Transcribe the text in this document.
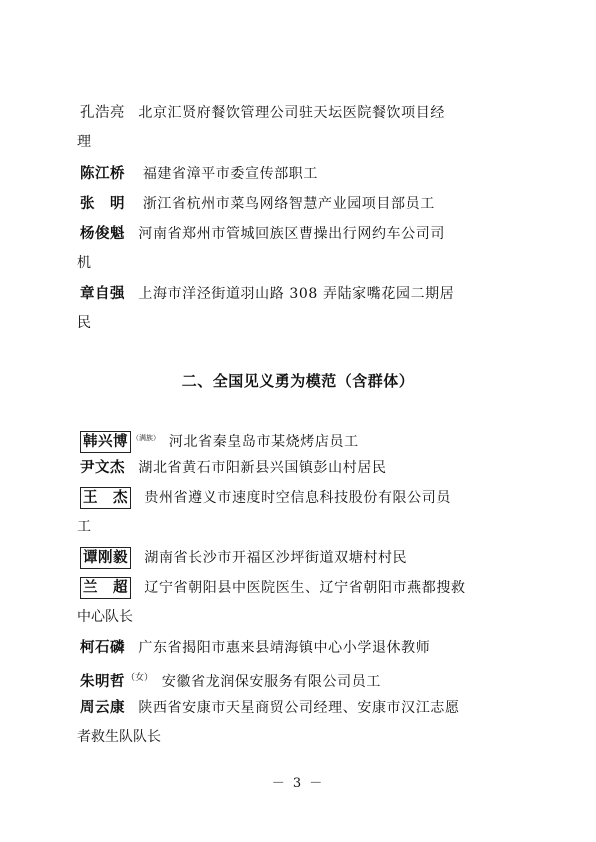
孔浩亮 北京汇贤府餐饮管理公司驻天坛医院餐饮项目经
理
陈江桥 福建省漳平市委宣传部职工
张　明 浙江省杭州市菜鸟网络智慧产业园项目部员工
杨俊魁 河南省郑州市管城回族区曹操出行网约车公司司
机
章自强 上海市洋泾街道羽山路 308 弄陆家嘴花园二期居
民
二、全国见义勇为模范（含群体）
韩兴博 $^{(满族)}$ 河北省秦皇岛市某烧烤店员工
尹文杰 湖北省黄石市阳新县兴国镇彭山村居民
王　杰 贵州省遵义市速度时空信息科技股份有限公司员
工
谭刚毅 湖南省长沙市开福区沙坪街道双塘村村民
兰　超 辽宁省朝阳县中医院医生、辽宁省朝阳市燕都搜救
中心队长
柯石磷 广东省揭阳市惠来县靖海镇中心小学退休教师
朱明哲$^{(女)}$ 安徽省龙润保安服务有限公司员工
周云康 陕西省安康市天星商贸公司经理、安康市汉江志愿
者救生队队长
－ 3 －
